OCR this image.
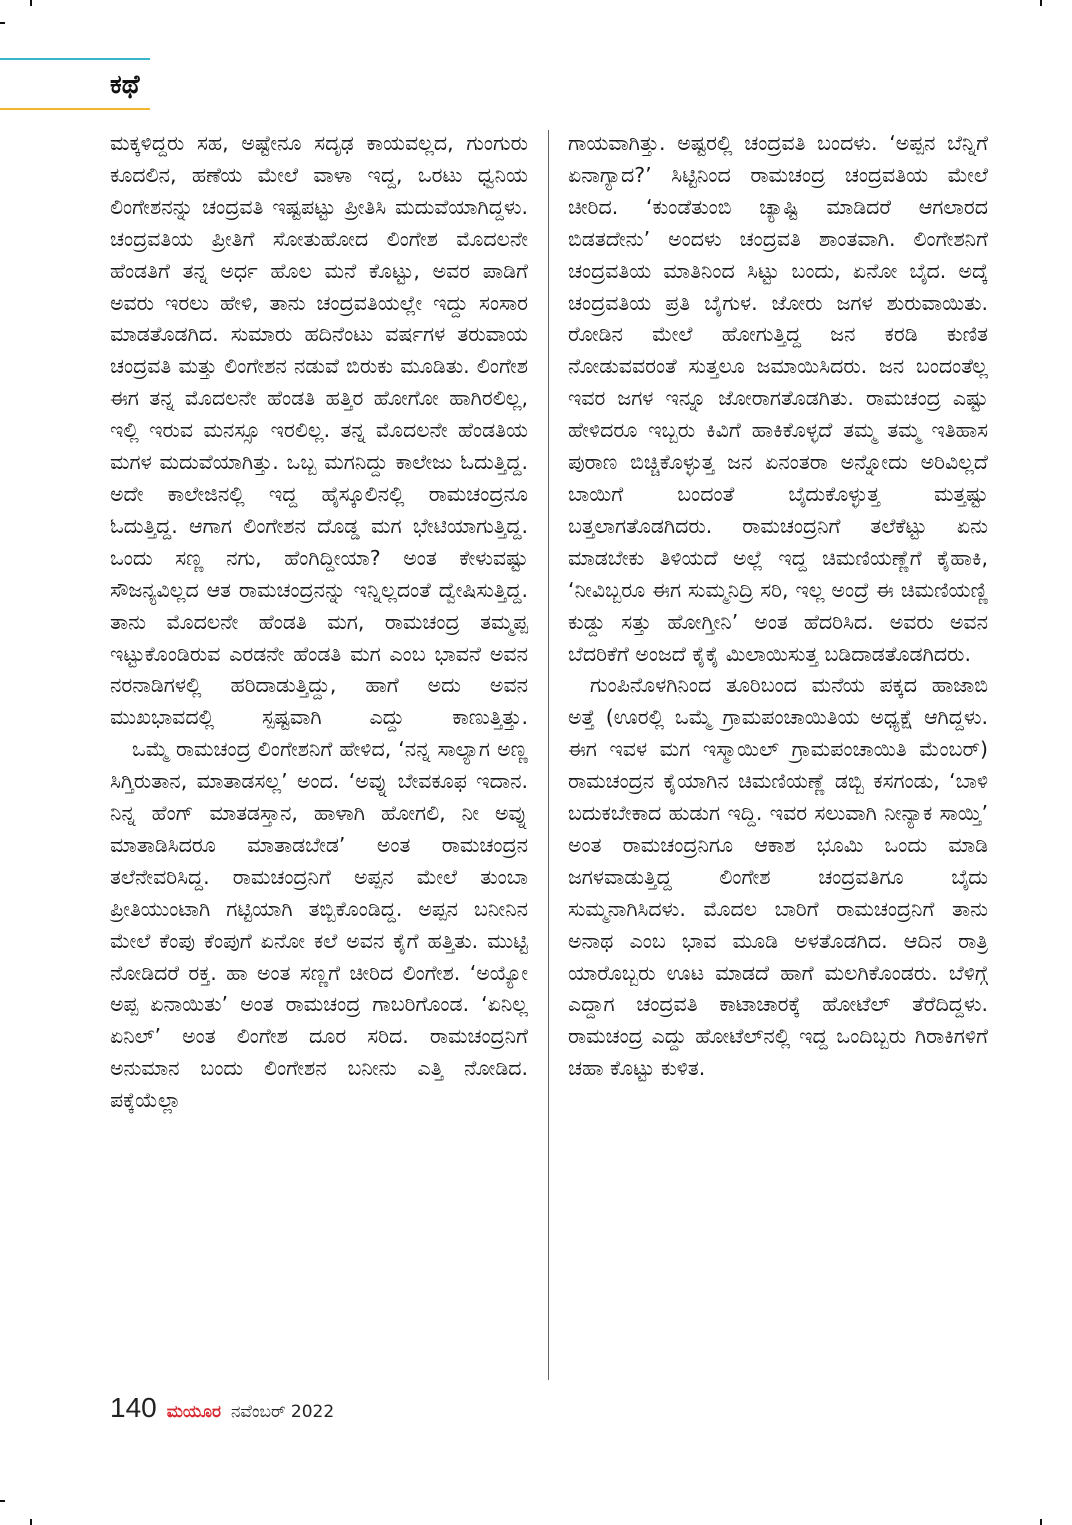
ಕಥೆ

ಮಕ್ಕಳಿದ್ದರು ಸಹ, ಅಷ್ಟೇನೂ ಸದೃಢ ಕಾಯವಲ್ಲದ, ಗುಂಗುರು ಕೂದಲಿನ, ಹಣೆಯ ಮೇಲೆ ವಾಳಾ ಇದ್ದ, ಒರಟು ಧ್ವನಿಯ ಲಿಂಗೇಶನನ್ನು ಚಂದ್ರವತಿ ಇಷ್ಟಪಟ್ಟು ಪ್ರೀತಿಸಿ ಮದುವೆಯಾಗಿದ್ದಳು. ಚಂದ್ರವತಿಯ ಪ್ರೀತಿಗೆ ಸೋತುಹೋದ ಲಿಂಗೇಶ ಮೊದಲನೇ ಹೆಂಡತಿಗೆ ತನ್ನ ಅರ್ಧ ಹೊಲ ಮನೆ ಕೊಟ್ಟು, ಅವರ ಪಾಡಿಗೆ ಅವರು ಇರಲು ಹೇಳಿ, ತಾನು ಚಂದ್ರವತಿಯಲ್ಲೇ ಇದ್ದು ಸಂಸಾರ ಮಾಡತೊಡಗಿದ. ಸುಮಾರು ಹದಿನೆಂಟು ವರ್ಷಗಳ ತರುವಾಯ ಚಂದ್ರವತಿ ಮತ್ತು ಲಿಂಗೇಶನ ನಡುವೆ ಬಿರುಕು ಮೂಡಿತು. ಲಿಂಗೇಶ ಈಗ ತನ್ನ ಮೊದಲನೇ ಹೆಂಡತಿ ಹತ್ತಿರ ಹೋಗೋ ಹಾಗಿರಲಿಲ್ಲ, ಇಲ್ಲಿ ಇರುವ ಮನಸ್ಸೂ ಇರಲಿಲ್ಲ. ತನ್ನ ಮೊದಲನೇ ಹೆಂಡತಿಯ ಮಗಳ ಮದುವೆಯಾಗಿತ್ತು. ಒಬ್ಬ ಮಗನಿದ್ದು ಕಾಲೇಜು ಓದುತ್ತಿದ್ದ. ಅದೇ ಕಾಲೇಜಿನಲ್ಲಿ ಇದ್ದ ಹೈಸ್ಕೂಲಿನಲ್ಲಿ ರಾಮಚಂದ್ರನೂ ಓದುತ್ತಿದ್ದ. ಆಗಾಗ ಲಿಂಗೇಶನ ದೊಡ್ಡ ಮಗ ಭೇಟಿಯಾಗುತ್ತಿದ್ದ. ಒಂದು ಸಣ್ಣ ನಗು, ಹೆಂಗಿದ್ದೀಯಾ? ಅಂತ ಕೇಳುವಷ್ಟು ಸೌಜನ್ಯವಿಲ್ಲದ ಆತ ರಾಮಚಂದ್ರನನ್ನು ಇನ್ನಿಲ್ಲದಂತೆ ದ್ವೇಷಿಸುತ್ತಿದ್ದ. ತಾನು ಮೊದಲನೇ ಹೆಂಡತಿ ಮಗ, ರಾಮಚಂದ್ರ ತಮ್ಮಪ್ಪ ಇಟ್ಟುಕೊಂಡಿರುವ ಎರಡನೇ ಹೆಂಡತಿ ಮಗ ಎಂಬ ಭಾವನೆ ಅವನ ನರನಾಡಿಗಳಲ್ಲಿ ಹರಿದಾಡುತ್ತಿದ್ದು, ಹಾಗೆ ಅದು ಅವನ ಮುಖಭಾವದಲ್ಲಿ ಸ್ಪಷ್ಟವಾಗಿ ಎದ್ದು ಕಾಣುತ್ತಿತ್ತು.

ಒಮ್ಮೆ ರಾಮಚಂದ್ರ ಲಿಂಗೇಶನಿಗೆ ಹೇಳಿದ, ‘ನನ್ನ ಸಾಲ್ಯಾಗ ಅಣ್ಣ ಸಿಗ್ತಿರುತಾನ, ಮಾತಾಡಸಲ್ಲ’ ಅಂದ. ‘ಅವ್ನು ಬೇವಕೂಫ ಇದಾನ. ನಿನ್ನ ಹೆಂಗ್ ಮಾತಡಸ್ತಾನ, ಹಾಳಾಗಿ ಹೋಗಲಿ, ನೀ ಅವ್ನು ಮಾತಾಡಿಸಿದರೂ ಮಾತಾಡಬೇಡ’ ಅಂತ ರಾಮಚಂದ್ರನ ತಲೆನೇವರಿಸಿದ್ದ. ರಾಮಚಂದ್ರನಿಗೆ ಅಪ್ಪನ ಮೇಲೆ ತುಂಬಾ ಪ್ರೀತಿಯುಂಟಾಗಿ ಗಟ್ಟಿಯಾಗಿ ತಬ್ಬಿಕೊಂಡಿದ್ದ. ಅಪ್ಪನ ಬನೀನಿನ ಮೇಲೆ ಕೆಂಪು ಕೆಂಪುಗೆ ಏನೋ ಕಲೆ ಅವನ ಕೈಗೆ ಹತ್ತಿತು. ಮುಟ್ಟಿ ನೋಡಿದರೆ ರಕ್ತ. ಹಾ ಅಂತ ಸಣ್ಣಗೆ ಚೀರಿದ ಲಿಂಗೇಶ. ‘ಅಯ್ಯೋ ಅಪ್ಪ ಏನಾಯಿತು’ ಅಂತ ರಾಮಚಂದ್ರ ಗಾಬರಿಗೊಂಡ. ‘ಏನಿಲ್ಲ ಏನಿಲ್’ ಅಂತ ಲಿಂಗೇಶ ದೂರ ಸರಿದ. ರಾಮಚಂದ್ರನಿಗೆ ಅನುಮಾನ ಬಂದು ಲಿಂಗೇಶನ ಬನೀನು ಎತ್ತಿ ನೋಡಿದ. ಪಕ್ಕೆಯೆಲ್ಲಾ

ಗಾಯವಾಗಿತ್ತು. ಅಷ್ಟರಲ್ಲಿ ಚಂದ್ರವತಿ ಬಂದಳು. ‘ಅಪ್ಪನ ಬೆನ್ನಿಗೆ ಏನಾಗ್ಯಾದ?’ ಸಿಟ್ಟಿನಿಂದ ರಾಮಚಂದ್ರ ಚಂದ್ರವತಿಯ ಮೇಲೆ ಚೀರಿದ. ‘ಕುಂಡೆತುಂಬಿ ಚ್ಯಾಷ್ಟಿ ಮಾಡಿದರೆ ಆಗಲಾರದ ಬಿಡತದೇನು’ ಅಂದಳು ಚಂದ್ರವತಿ ಶಾಂತವಾಗಿ. ಲಿಂಗೇಶನಿಗೆ ಚಂದ್ರವತಿಯ ಮಾತಿನಿಂದ ಸಿಟ್ಟು ಬಂದು, ಏನೋ ಬೈದ. ಅದ್ಕೆ ಚಂದ್ರವತಿಯ ಪ್ರತಿ ಬೈಗುಳ. ಜೋರು ಜಗಳ ಶುರುವಾಯಿತು. ರೋಡಿನ ಮೇಲೆ ಹೋಗುತ್ತಿದ್ದ ಜನ ಕರಡಿ ಕುಣಿತ ನೋಡುವವರಂತೆ ಸುತ್ತಲೂ ಜಮಾಯಿಸಿದರು. ಜನ ಬಂದಂತೆಲ್ಲ ಇವರ ಜಗಳ ಇನ್ನೂ ಜೋರಾಗತೊಡಗಿತು. ರಾಮಚಂದ್ರ ಎಷ್ಟು ಹೇಳಿದರೂ ಇಬ್ಬರು ಕಿವಿಗೆ ಹಾಕಿಕೊಳ್ಳದೆ ತಮ್ಮ ತಮ್ಮ ಇತಿಹಾಸ ಪುರಾಣ ಬಿಚ್ಚಿಕೊಳ್ಳುತ್ತ ಜನ ಏನಂತರಾ ಅನ್ನೋದು ಅರಿವಿಲ್ಲದೆ ಬಾಯಿಗೆ ಬಂದಂತೆ ಬೈದುಕೊಳ್ಳುತ್ತ ಮತ್ತಷ್ಟು ಬತ್ತಲಾಗತೊಡಗಿದರು. ರಾಮಚಂದ್ರನಿಗೆ ತಲೆಕೆಟ್ಟು ಏನು ಮಾಡಬೇಕು ತಿಳಿಯದೆ ಅಲ್ಲೆ ಇದ್ದ ಚಿಮಣಿಯಣ್ಣೆಗೆ ಕೈಹಾಕಿ, ‘ನೀವಿಬ್ಬರೂ ಈಗ ಸುಮ್ಮನಿದ್ರಿ ಸರಿ, ಇಲ್ಲ ಅಂದ್ರೆ ಈ ಚಿಮಣಿಯಣ್ಣಿ ಕುಡ್ದು ಸತ್ತು ಹೋಗ್ತೀನಿ’ ಅಂತ ಹೆದರಿಸಿದ. ಅವರು ಅವನ ಬೆದರಿಕೆಗೆ ಅಂಜದೆ ಕೈಕೈ ಮಿಲಾಯಿಸುತ್ತ ಬಡಿದಾಡತೊಡಗಿದರು.

ಗುಂಪಿನೊಳಗಿನಿಂದ ತೂರಿಬಂದ ಮನೆಯ ಪಕ್ಕದ ಹಾಜಾಬಿ ಅತ್ತೆ (ಊರಲ್ಲಿ ಒಮ್ಮೆ ಗ್ರಾಮಪಂಚಾಯಿತಿಯ ಅಧ್ಯಕ್ಷೆ ಆಗಿದ್ದಳು. ಈಗ ಇವಳ ಮಗ ಇಸ್ಮಾಯಿಲ್ ಗ್ರಾಮಪಂಚಾಯಿತಿ ಮೆಂಬರ್) ರಾಮಚಂದ್ರನ ಕೈಯಾಗಿನ ಚಿಮಣಿಯಣ್ಣೆ ಡಬ್ಬಿ ಕಸಗಂಡು, ‘ಬಾಳಿ ಬದುಕಬೇಕಾದ ಹುಡುಗ ಇದ್ದಿ. ಇವರ ಸಲುವಾಗಿ ನೀನ್ಯಾಕ ಸಾಯ್ತಿ’ ಅಂತ ರಾಮಚಂದ್ರನಿಗೂ ಆಕಾಶ ಭೂಮಿ ಒಂದು ಮಾಡಿ ಜಗಳವಾಡುತ್ತಿದ್ದ ಲಿಂಗೇಶ ಚಂದ್ರವತಿಗೂ ಬೈದು ಸುಮ್ಮನಾಗಿಸಿದಳು. ಮೊದಲ ಬಾರಿಗೆ ರಾಮಚಂದ್ರನಿಗೆ ತಾನು ಅನಾಥ ಎಂಬ ಭಾವ ಮೂಡಿ ಅಳತೊಡಗಿದ. ಆದಿನ ರಾತ್ರಿ ಯಾರೊಬ್ಬರು ಊಟ ಮಾಡದೆ ಹಾಗೆ ಮಲಗಿಕೊಂಡರು. ಬೆಳಿಗ್ಗೆ ಎದ್ದಾಗ ಚಂದ್ರವತಿ ಕಾಟಾಚಾರಕ್ಕೆ ಹೋಟೆಲ್ ತೆರೆದಿದ್ದಳು. ರಾಮಚಂದ್ರ ಎದ್ದು ಹೋಟೆಲ್‌ನಲ್ಲಿ ಇದ್ದ ಒಂದಿಬ್ಬರು ಗಿರಾಕಿಗಳಿಗೆ ಚಹಾ ಕೊಟ್ಟು ಕುಳಿತ.

140 ಮಯೂರ ನವೆಂಬರ್ 2022
